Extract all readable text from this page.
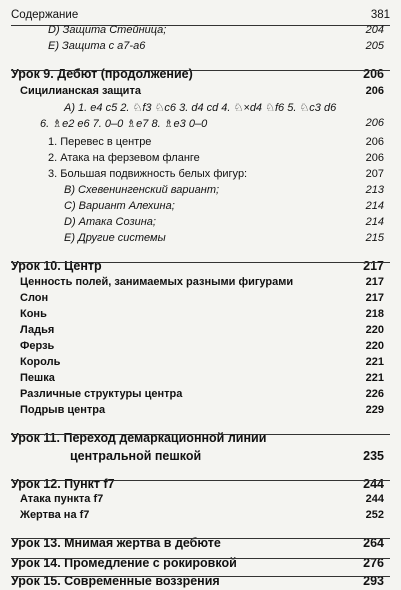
Содержание	381
D) Защита Стейница;	204
E) Защита с а7-а6	205
Урок 9. Дебют (продолжение)	206
Сицилианская защита	206
A) 1. e4 c5 2. ♘f3 ♘c6 3. d4 cd 4. ♘×d4 ♘f6 5. ♘c3 d6
6. ♗e2 e6 7. 0–0 ♗e7 8. ♗e3 0–0	206
1. Перевес в центре	206
2. Атака на ферзевом фланге	206
3. Большая подвижность белых фигур:	207
B) Схевенингенский вариант;	213
C) Вариант Алехина;	214
D) Атака Созина;	214
E) Другие системы	215
Урок 10. Центр	217
Ценность полей, занимаемых разными фигурами	217
Слон	217
Конь	218
Ладья	220
Ферзь	220
Король	221
Пешка	221
Различные структуры центра	226
Подрыв центра	229
Урок 11. Переход демаркационной линии
центральной пешкой	235
Урок 12. Пункт f7	244
Атака пункта f7	244
Жертва на f7	252
Урок 13. Мнимая жертва в дебюте	264
Урок 14. Промедление с рокировкой	276
Урок 15. Современные воззрения	293
